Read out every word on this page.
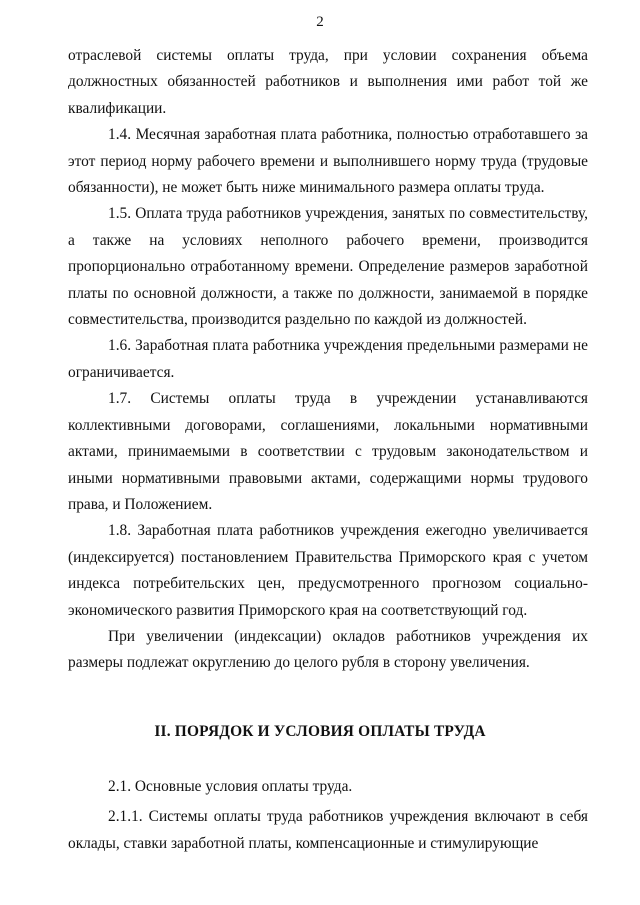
2

отраслевой системы оплаты труда, при условии сохранения объема должностных обязанностей работников и выполнения ими работ той же квалификации.

1.4. Месячная заработная плата работника, полностью отработавшего за этот период норму рабочего времени и выполнившего норму труда (трудовые обязанности), не может быть ниже минимального размера оплаты труда.

1.5. Оплата труда работников учреждения, занятых по совместительству, а также на условиях неполного рабочего времени, производится пропорционально отработанному времени. Определение размеров заработной платы по основной должности, а также по должности, занимаемой в порядке совместительства, производится раздельно по каждой из должностей.

1.6. Заработная плата работника учреждения предельными размерами не ограничивается.

1.7. Системы оплаты труда в учреждении устанавливаются коллективными договорами, соглашениями, локальными нормативными актами, принимаемыми в соответствии с трудовым законодательством и иными нормативными правовыми актами, содержащими нормы трудового права, и Положением.

1.8. Заработная плата работников учреждения ежегодно увеличивается (индексируется) постановлением Правительства Приморского края с учетом индекса потребительских цен, предусмотренного прогнозом социально-экономического развития Приморского края на соответствующий год.

При увеличении (индексации) окладов работников учреждения их размеры подлежат округлению до целого рубля в сторону увеличения.

II. ПОРЯДОК И УСЛОВИЯ ОПЛАТЫ ТРУДА

2.1. Основные условия оплаты труда.

2.1.1. Системы оплаты труда работников учреждения включают в себя оклады, ставки заработной платы, компенсационные и стимулирующие
